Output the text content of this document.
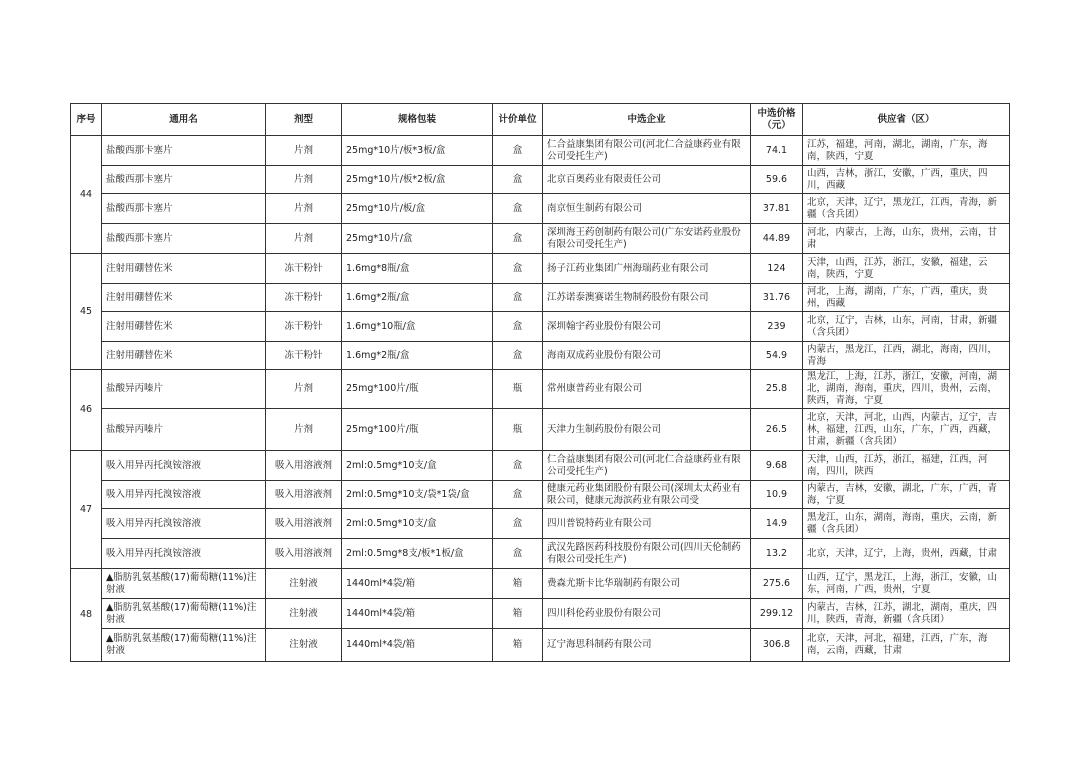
序号	通用名	剂型	规格包装	计价单位	中选企业	中选价格（元）	供应省（区）
44	盐酸西那卡塞片	片剂	25mg*10片/板*3板/盒	盒	仁合益康集团有限公司(河北仁合益康药业有限公司受托生产)	74.1	江苏，福建，河南，湖北，湖南，广东，海南，陕西，宁夏
	盐酸西那卡塞片	片剂	25mg*10片/板*2板/盒	盒	北京百奥药业有限责任公司	59.6	山西，吉林，浙江，安徽，广西，重庆，四川，西藏
	盐酸西那卡塞片	片剂	25mg*10片/板/盒	盒	南京恒生制药有限公司	37.81	北京，天津，辽宁，黑龙江，江西，青海，新疆（含兵团）
	盐酸西那卡塞片	片剂	25mg*10片/盒	盒	深圳海王药创制药有限公司(广东安诺药业股份有限公司受托生产)	44.89	河北，内蒙古，上海，山东，贵州，云南，甘肃
45	注射用硼替佐米	冻干粉针	1.6mg*8瓶/盒	盒	扬子江药业集团广州海瑞药业有限公司	124	天津，山西，江苏，浙江，安徽，福建，云南，陕西，宁夏
	注射用硼替佐米	冻干粉针	1.6mg*2瓶/盒	盒	江苏诺泰澳赛诺生物制药股份有限公司	31.76	河北，上海，湖南，广东，广西，重庆，贵州，西藏
	注射用硼替佐米	冻干粉针	1.6mg*10瓶/盒	盒	深圳翰宇药业股份有限公司	239	北京，辽宁，吉林，山东，河南，甘肃，新疆（含兵团）
	注射用硼替佐米	冻干粉针	1.6mg*2瓶/盒	盒	海南双成药业股份有限公司	54.9	内蒙古，黑龙江，江西，湖北，海南，四川，青海
46	盐酸异丙嗪片	片剂	25mg*100片/瓶	瓶	常州康普药业有限公司	25.8	黑龙江，上海，江苏，浙江，安徽，河南，湖北，湖南，海南，重庆，四川，贵州，云南，陕西，青海，宁夏
	盐酸异丙嗪片	片剂	25mg*100片/瓶	瓶	天津力生制药股份有限公司	26.5	北京，天津，河北，山西，内蒙古，辽宁，吉林，福建，江西，山东，广东，广西，西藏，甘肃，新疆（含兵团）
47	吸入用异丙托溴铵溶液	吸入用溶液剂	2ml:0.5mg*10支/盒	盒	仁合益康集团有限公司(河北仁合益康药业有限公司受托生产)	9.68	天津，山西，江苏，浙江，福建，江西，河南，四川，陕西
	吸入用异丙托溴铵溶液	吸入用溶液剂	2ml:0.5mg*10支/袋*1袋/盒	盒	健康元药业集团股份有限公司(深圳太太药业有限公司，健康元海滨药业有限公司受	10.9	内蒙古，吉林，安徽，湖北，广东，广西，青海，宁夏
	吸入用异丙托溴铵溶液	吸入用溶液剂	2ml:0.5mg*10支/盒	盒	四川普锐特药业有限公司	14.9	黑龙江，山东，湖南，海南，重庆，云南，新疆（含兵团）
	吸入用异丙托溴铵溶液	吸入用溶液剂	2ml:0.5mg*8支/板*1板/盒	盒	武汉先路医药科技股份有限公司(四川天伦制药有限公司受托生产)	13.2	北京，天津，辽宁，上海，贵州，西藏，甘肃
48	▲脂肪乳氨基酸(17)葡萄糖(11%)注射液	注射液	1440ml*4袋/箱	箱	费森尤斯卡比华瑞制药有限公司	275.6	山西，辽宁，黑龙江，上海，浙江，安徽，山东，河南，广西，贵州，宁夏
	▲脂肪乳氨基酸(17)葡萄糖(11%)注射液	注射液	1440ml*4袋/箱	箱	四川科伦药业股份有限公司	299.12	内蒙古，吉林，江苏，湖北，湖南，重庆，四川，陕西，青海，新疆（含兵团）
	▲脂肪乳氨基酸(17)葡萄糖(11%)注射液	注射液	1440ml*4袋/箱	箱	辽宁海思科制药有限公司	306.8	北京，天津，河北，福建，江西，广东，海南，云南，西藏，甘肃
